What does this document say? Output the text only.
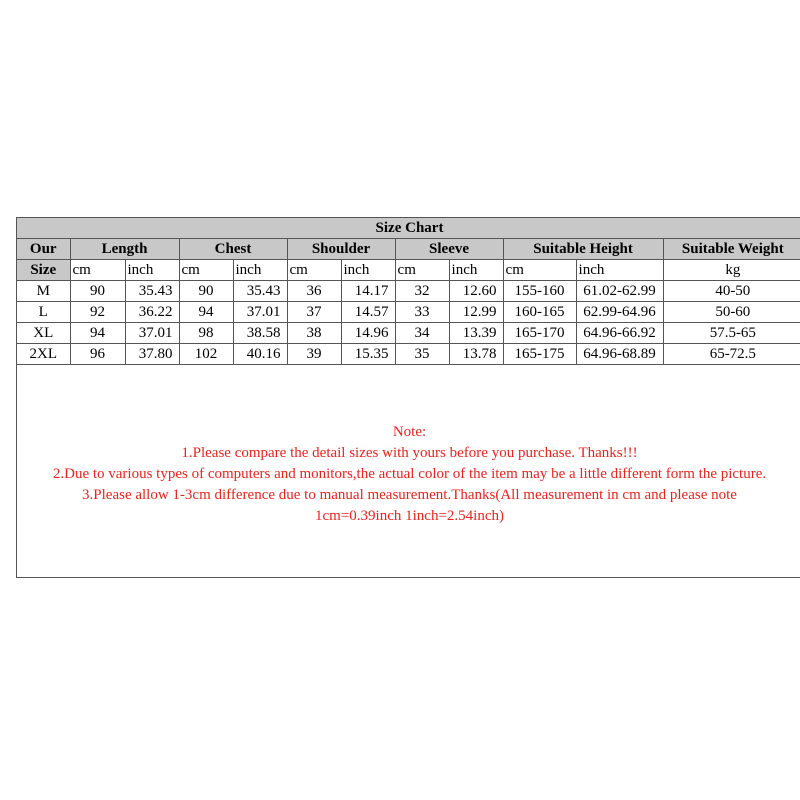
Size Chart
Our	Length		Chest		Shoulder		Sleeve		Suitable Height		Suitable Weight
Size	cm	inch	cm	inch	cm	inch	cm	inch	cm	inch	kg
M	90	35.43	90	35.43	36	14.17	32	12.60	155-160	61.02-62.99	40-50
L	92	36.22	94	37.01	37	14.57	33	12.99	160-165	62.99-64.96	50-60
XL	94	37.01	98	38.58	38	14.96	34	13.39	165-170	64.96-66.92	57.5-65
2XL	96	37.80	102	40.16	39	15.35	35	13.78	165-175	64.96-68.89	65-72.5
Note:
1.Please compare the detail sizes with yours before you purchase. Thanks!!!
2.Due to various types of computers and monitors,the actual color of the item may be a little different form the picture.
3.Please allow 1-3cm difference due to manual measurement.Thanks(All measurement in cm and please note
1cm=0.39inch 1inch=2.54inch)
